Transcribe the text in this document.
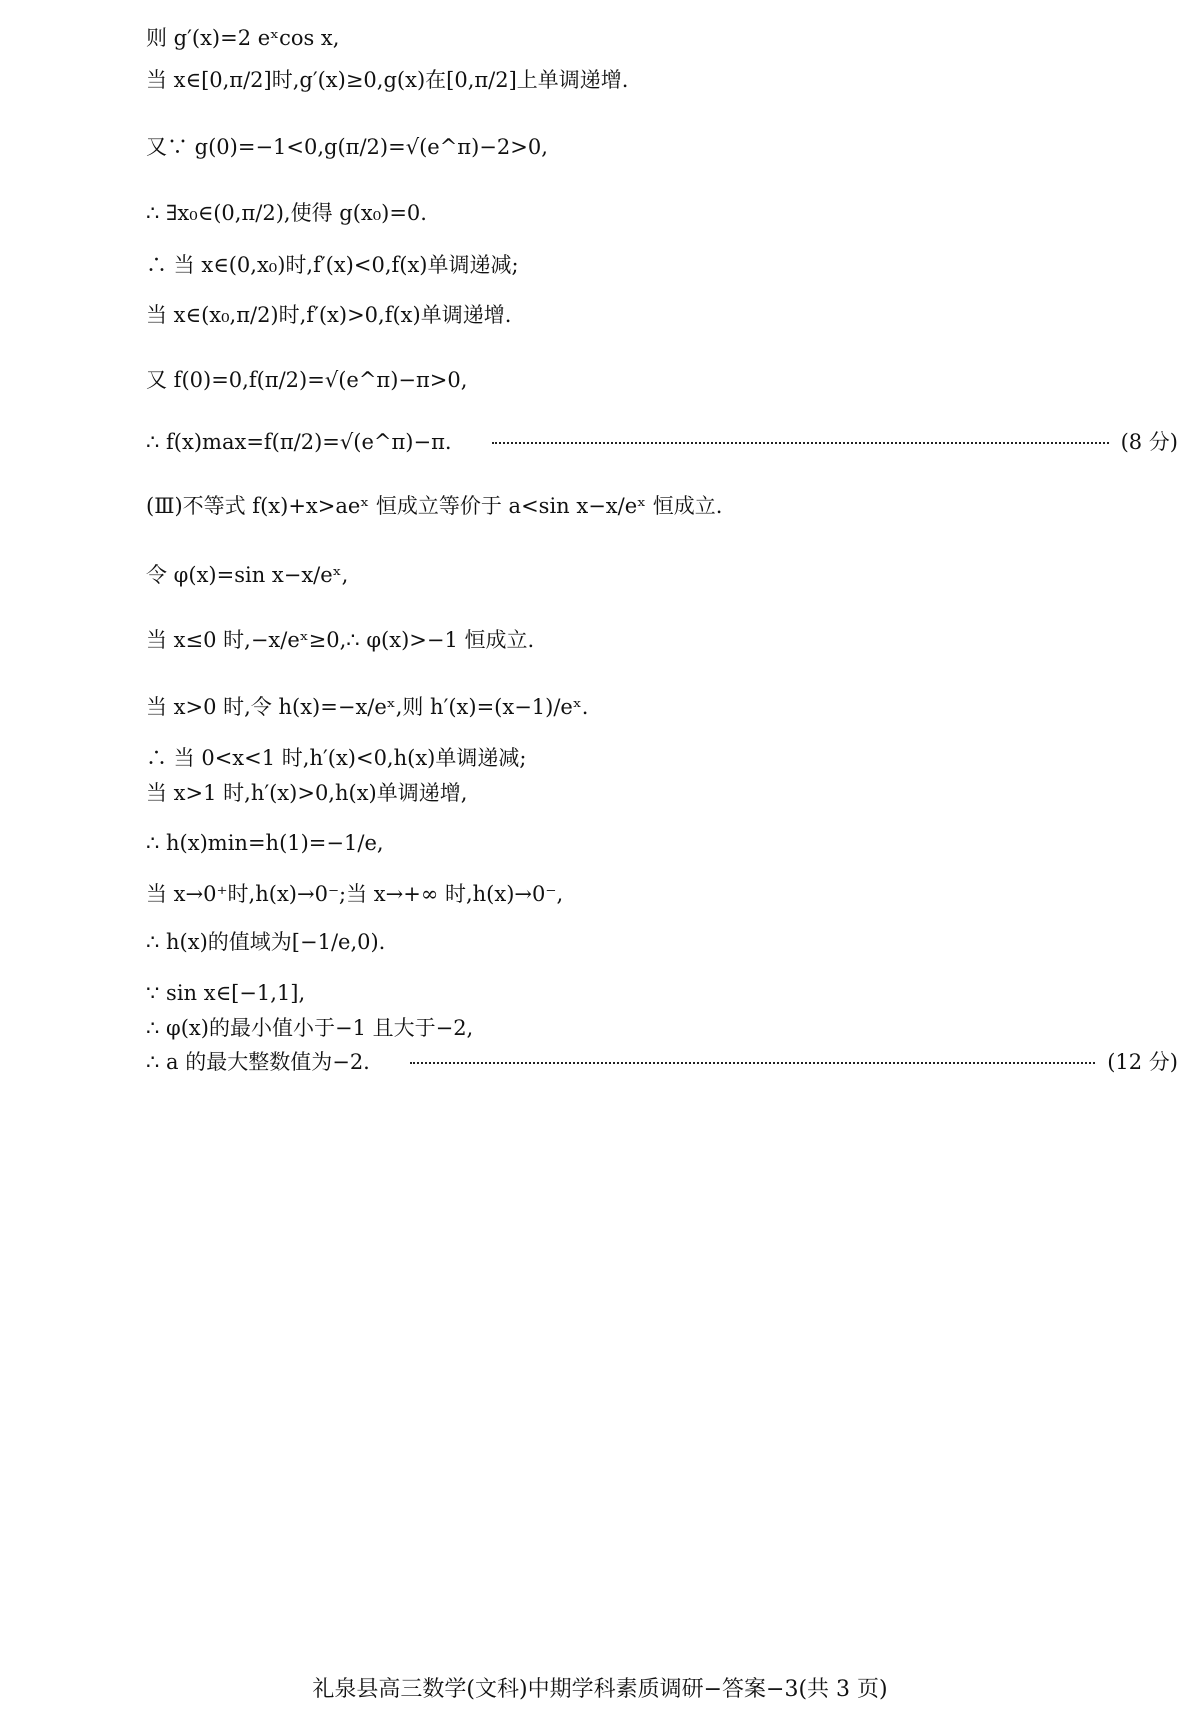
则 g′(x)=2 eˣcos x,
当 x∈[0,π/2]时,g′(x)≥0,g(x)在[0,π/2]上单调递增.
又∵ g(0)=−1<0,g(π/2)=√(e^π)−2>0,
∴ ∃x₀∈(0,π/2),使得 g(x₀)=0.
∴ 当 x∈(0,x₀)时,f′(x)<0,f(x)单调递减;
当 x∈(x₀,π/2)时,f′(x)>0,f(x)单调递增.
又 f(0)=0,f(π/2)=√(e^π)−π>0,
∴ f(x)max=f(π/2)=√(e^π)−π.	(8 分)
(Ⅲ)不等式 f(x)+x>aeˣ 恒成立等价于 a<sin x−x/eˣ 恒成立.
令 φ(x)=sin x−x/eˣ,
当 x≤0 时,−x/eˣ≥0,∴ φ(x)>−1 恒成立.
当 x>0 时,令 h(x)=−x/eˣ,则 h′(x)=(x−1)/eˣ.
∴ 当 0<x<1 时,h′(x)<0,h(x)单调递减;
当 x>1 时,h′(x)>0,h(x)单调递增,
∴ h(x)min=h(1)=−1/e,
当 x→0⁺时,h(x)→0⁻;当 x→+∞ 时,h(x)→0⁻,
∴ h(x)的值域为[−1/e,0).
∵ sin x∈[−1,1],
∴ φ(x)的最小值小于−1 且大于−2,
∴ a 的最大整数值为−2.	(12 分)
礼泉县高三数学(文科)中期学科素质调研−答案−3(共 3 页)
